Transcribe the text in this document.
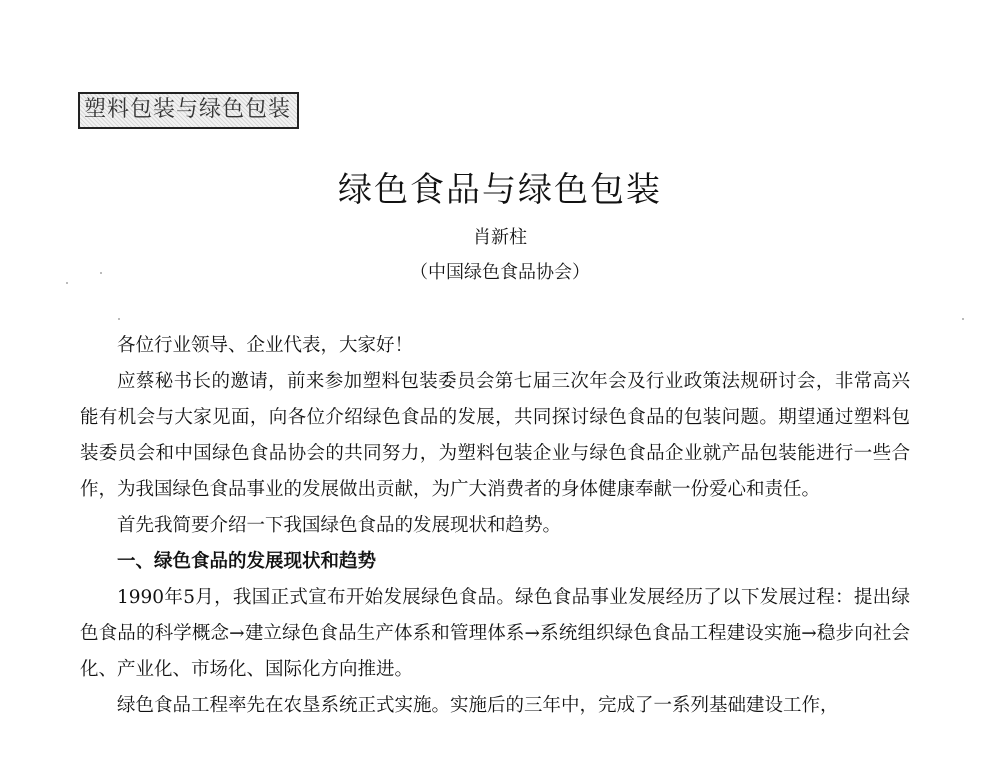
塑料包装与绿色包装
绿色食品与绿色包装
肖新柱
（中国绿色食品协会）

各位行业领导、企业代表，大家好！

应蔡秘书长的邀请，前来参加塑料包装委员会第七届三次年会及行业政策法规研讨会，非常高兴能有机会与大家见面，向各位介绍绿色食品的发展，共同探讨绿色食品的包装问题。期望通过塑料包装委员会和中国绿色食品协会的共同努力，为塑料包装企业与绿色食品企业就产品包装能进行一些合作，为我国绿色食品事业的发展做出贡献，为广大消费者的身体健康奉献一份爱心和责任。

首先我简要介绍一下我国绿色食品的发展现状和趋势。

一、绿色食品的发展现状和趋势

1990年5月，我国正式宣布开始发展绿色食品。绿色食品事业发展经历了以下发展过程：提出绿色食品的科学概念→建立绿色食品生产体系和管理体系→系统组织绿色食品工程建设实施→稳步向社会化、产业化、市场化、国际化方向推进。

绿色食品工程率先在农垦系统正式实施。实施后的三年中，完成了一系列基础建设工作，
